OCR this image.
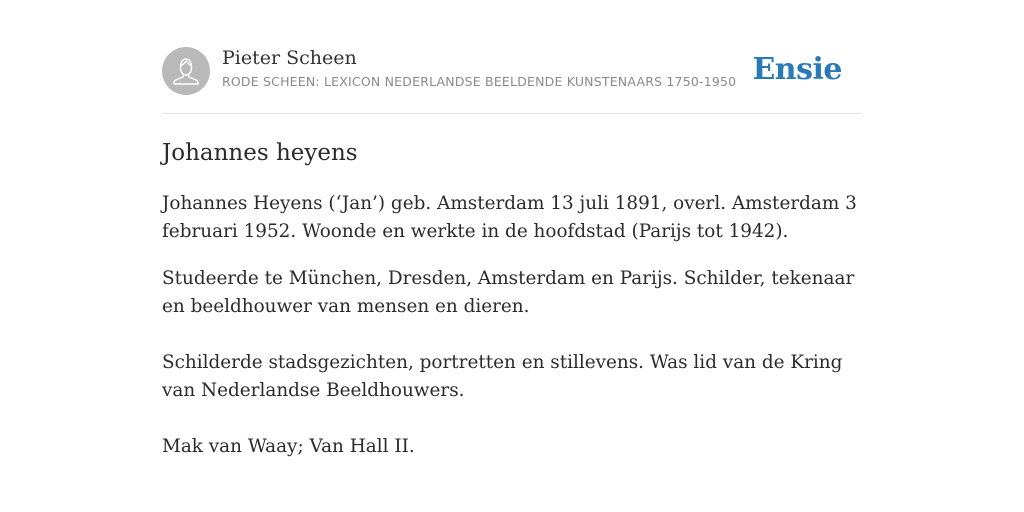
Pieter Scheen
RODE SCHEEN: LEXICON NEDERLANDSE BEELDENDE KUNSTENAARS 1750-1950 Ensie
Johannes heyens

Johannes Heyens (‘Jan’) geb. Amsterdam 13 juli 1891, overl. Amsterdam 3 februari 1952. Woonde en werkte in de hoofdstad (Parijs tot 1942).

Studeerde te München, Dresden, Amsterdam en Parijs. Schilder, tekenaar en beeldhouwer van mensen en dieren.

Schilderde stadsgezichten, portretten en stillevens. Was lid van de Kring van Nederlandse Beeldhouwers.

Mak van Waay; Van Hall II.
